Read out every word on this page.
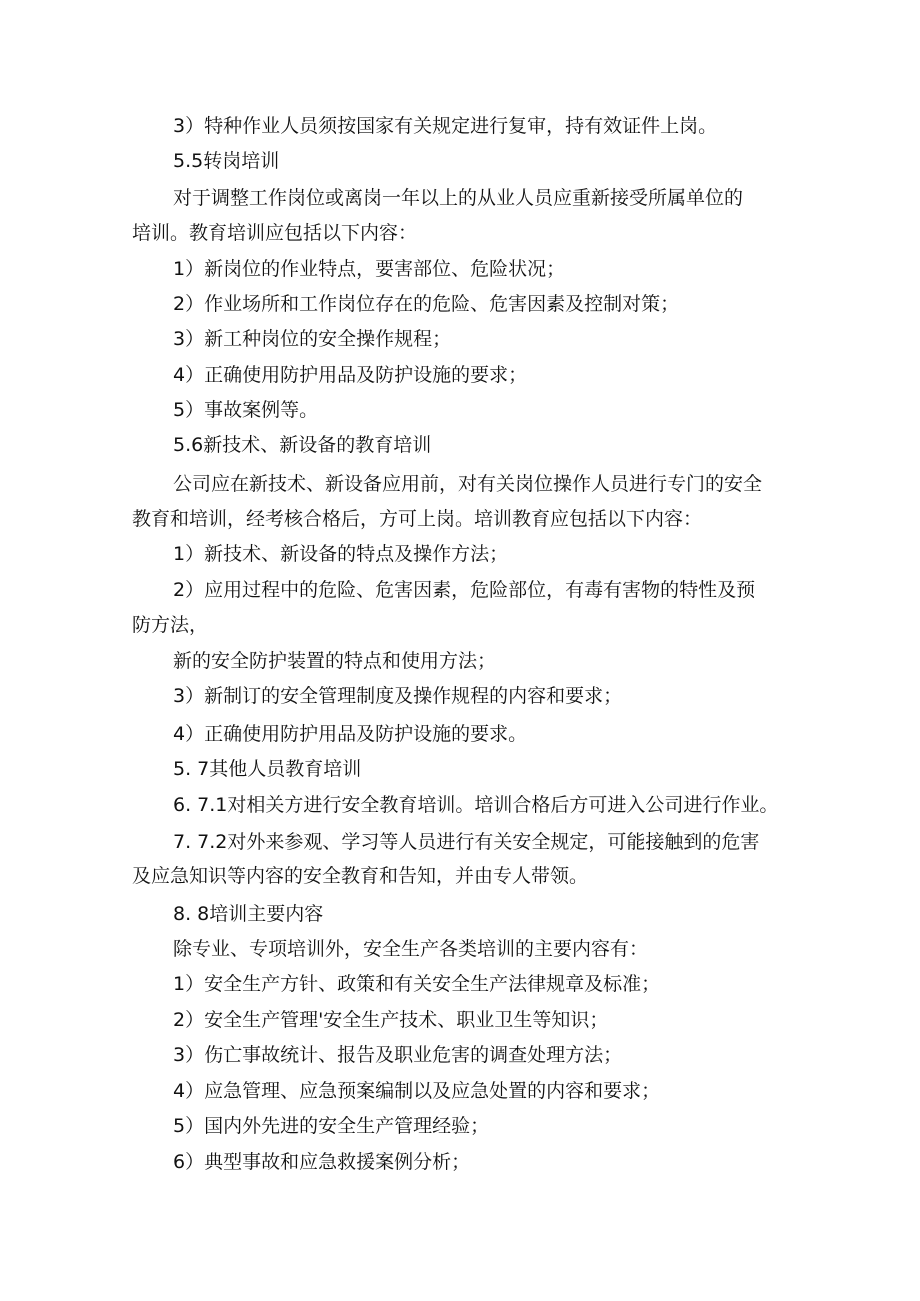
3）特种作业人员须按国家有关规定进行复审，持有效证件上岗。

5.5转岗培训

对于调整工作岗位或离岗一年以上的从业人员应重新接受所属单位的

培训。教育培训应包括以下内容：

1）新岗位的作业特点，要害部位、危险状况；

2）作业场所和工作岗位存在的危险、危害因素及控制对策；

3）新工种岗位的安全操作规程；

4）正确使用防护用品及防护设施的要求；

5）事故案例等。

5.6新技术、新设备的教育培训

公司应在新技术、新设备应用前，对有关岗位操作人员进行专门的安全

教育和培训，经考核合格后，方可上岗。培训教育应包括以下内容：

1）新技术、新设备的特点及操作方法；

2）应用过程中的危险、危害因素，危险部位，有毒有害物的特性及预

防方法，

新的安全防护装置的特点和使用方法；

3）新制订的安全管理制度及操作规程的内容和要求；

4）正确使用防护用品及防护设施的要求。

5. 7其他人员教育培训

6. 7.1对相关方进行安全教育培训。培训合格后方可进入公司进行作业。

7. 7.2对外来参观、学习等人员进行有关安全规定，可能接触到的危害

及应急知识等内容的安全教育和告知，并由专人带领。

8. 8培训主要内容

除专业、专项培训外，安全生产各类培训的主要内容有：

1）安全生产方针、政策和有关安全生产法律规章及标准；

2）安全生产管理'安全生产技术、职业卫生等知识；

3）伤亡事故统计、报告及职业危害的调查处理方法；

4）应急管理、应急预案编制以及应急处置的内容和要求；

5）国内外先进的安全生产管理经验；

6）典型事故和应急救援案例分析；
